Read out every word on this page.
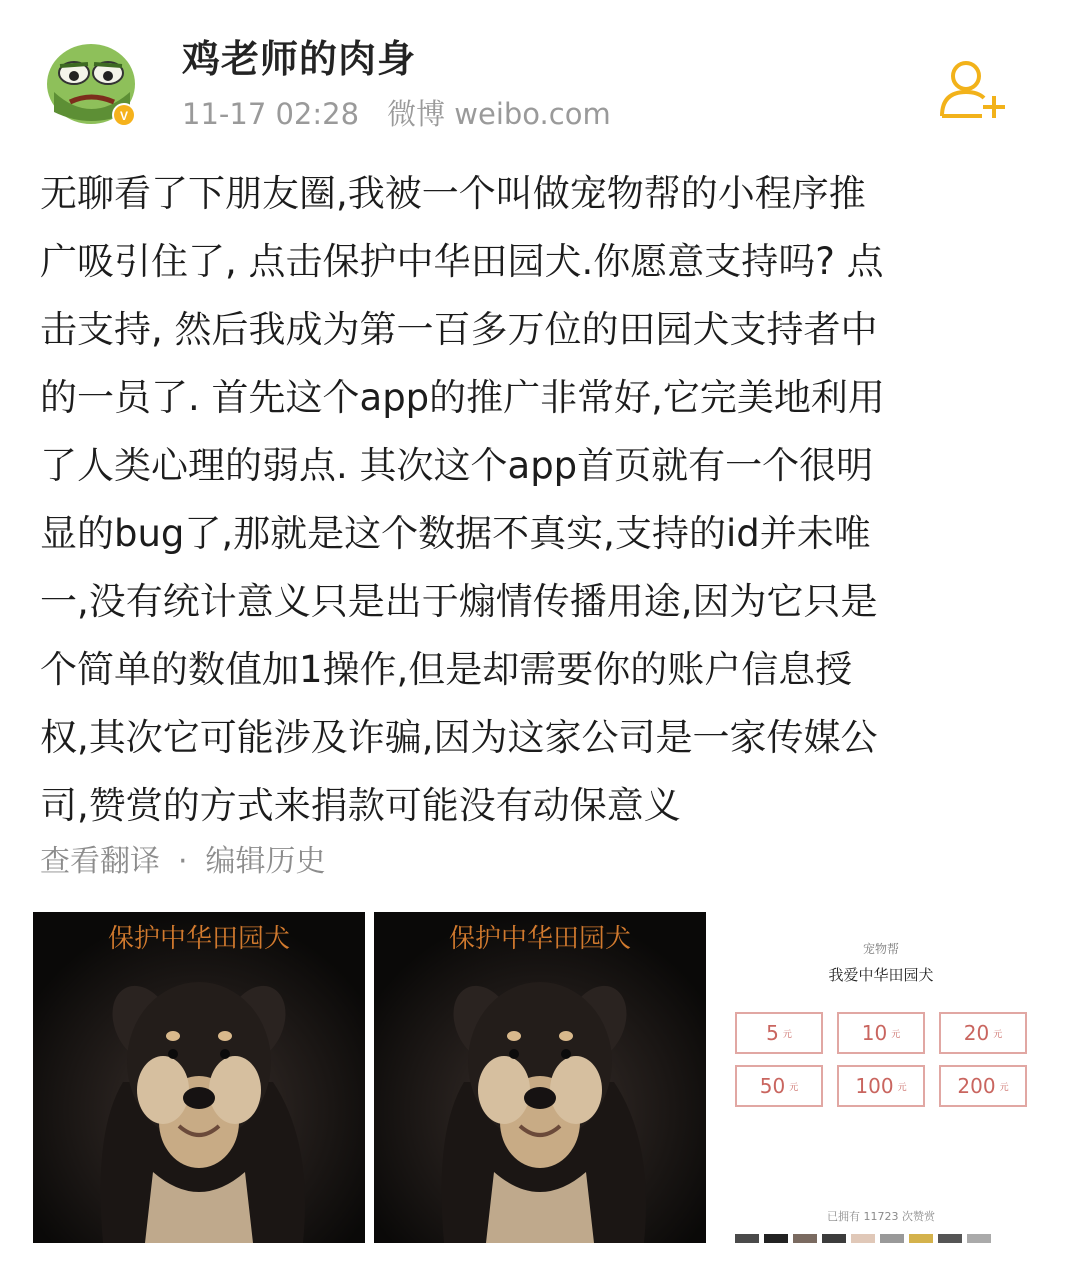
V
鸡老师的肉身
11-17 02:28 微博 weibo.com
无聊看了下朋友圈,我被一个叫做宠物帮的小程序推
广吸引住了, 点击保护中华田园犬.你愿意支持吗? 点
击支持, 然后我成为第一百多万位的田园犬支持者中
的一员了. 首先这个app的推广非常好,它完美地利用
了人类心理的弱点. 其次这个app首页就有一个很明
显的bug了,那就是这个数据不真实,支持的id并未唯
一,没有统计意义只是出于煽情传播用途,因为它只是
个简单的数值加1操作,但是却需要你的账户信息授
权,其次它可能涉及诈骗,因为这家公司是一家传媒公
司,赞赏的方式来捐款可能没有动保意义
查看翻译 · 编辑历史
保护中华田园犬	保护中华田园犬	宠物帮
我爱中华田园犬
5 元	10 元	20 元
50 元	100 元	200 元
已拥有 11723 次赞赏
